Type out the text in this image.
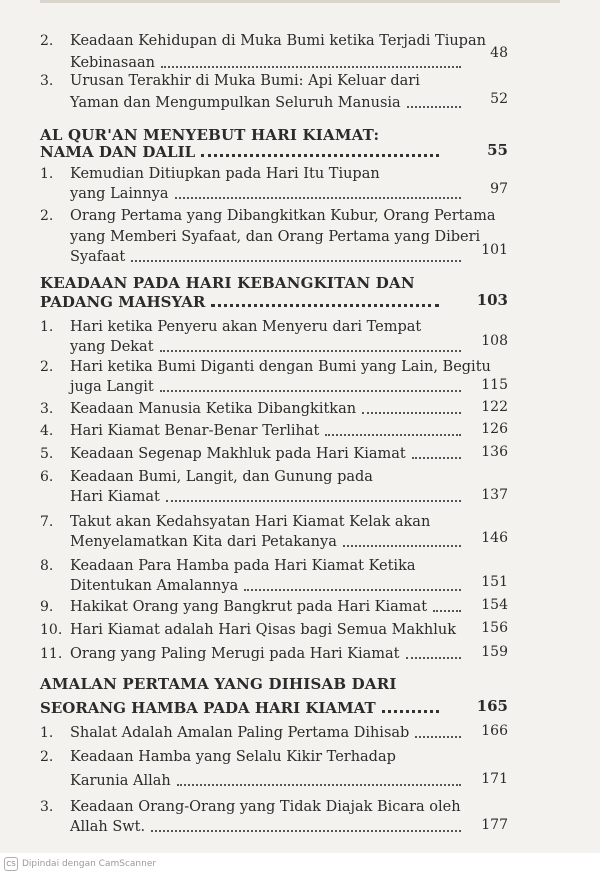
2. Keadaan Kehidupan di Muka Bumi ketika Terjadi Tiupan
Kebinasaan
48
3. Urusan Terakhir di Muka Bumi: Api Keluar dari
Yaman dan Mengumpulkan Seluruh Manusia	52
AL QUR'AN MENYEBUT HARI KIAMAT:
NAMA DAN DALIL	55
1. Kemudian Ditiupkan pada Hari Itu Tiupan
yang Lainnya	97
2. Orang Pertama yang Dibangkitkan Kubur, Orang Pertama
yang Memberi Syafaat, dan Orang Pertama yang Diberi
Syafaat	101
KEADAAN PADA HARI KEBANGKITAN DAN
PADANG MAHSYAR	103
1. Hari ketika Penyeru akan Menyeru dari Tempat
yang Dekat	108
2. Hari ketika Bumi Diganti dengan Bumi yang Lain, Begitu
juga Langit	115
3. Keadaan Manusia Ketika Dibangkitkan	122
4. Hari Kiamat Benar-Benar Terlihat	126
5. Keadaan Segenap Makhluk pada Hari Kiamat	136
6. Keadaan Bumi, Langit, dan Gunung pada
Hari Kiamat	137
7. Takut akan Kedahsyatan Hari Kiamat Kelak akan
Menyelamatkan Kita dari Petakanya	146
8. Keadaan Para Hamba pada Hari Kiamat Ketika
Ditentukan Amalannya	151
9. Hakikat Orang yang Bangkrut pada Hari Kiamat	154
10. Hari Kiamat adalah Hari Qisas bagi Semua Makhluk 156
11. Orang yang Paling Merugi pada Hari Kiamat	159
AMALAN PERTAMA YANG DIHISAB DARI
SEORANG HAMBA PADA HARI KIAMAT	165
1. Shalat Adalah Amalan Paling Pertama Dihisab	166
2. Keadaan Hamba yang Selalu Kikir Terhadap
Karunia Allah	171
3. Keadaan Orang-Orang yang Tidak Diajak Bicara oleh
Allah Swt.	177
CS Dipindai dengan CamScanner
